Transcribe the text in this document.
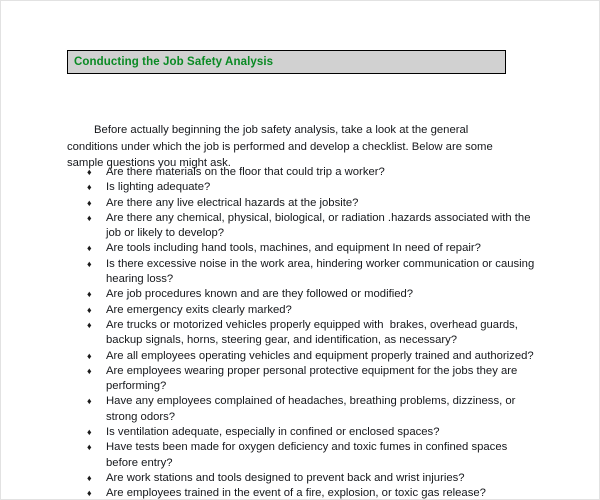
Conducting the Job Safety Analysis

Before actually beginning the job safety analysis, take a look at the general conditions under which the job is performed and develop a checklist. Below are some sample questions you might ask.

♦ Are there materials on the floor that could trip a worker?
♦ Is lighting adequate?
♦ Are there any live electrical hazards at the jobsite?
♦ Are there any chemical, physical, biological, or radiation .hazards associated with the job or likely to develop?
♦ Are tools including hand tools, machines, and equipment In need of repair?
♦ Is there excessive noise in the work area, hindering worker communication or causing hearing loss?
♦ Are job procedures known and are they followed or modified?
♦ Are emergency exits clearly marked?
♦ Are trucks or motorized vehicles properly equipped with  brakes, overhead guards, backup signals, horns, steering gear, and identification, as necessary?
♦ Are all employees operating vehicles and equipment properly trained and authorized?
♦ Are employees wearing proper personal protective equipment for the jobs they are performing?
♦ Have any employees complained of headaches, breathing problems, dizziness, or strong odors?
♦ Is ventilation adequate, especially in confined or enclosed spaces?
♦ Have tests been made for oxygen deficiency and toxic fumes in confined spaces before entry?
♦ Are work stations and tools designed to prevent back and wrist injuries?
♦ Are employees trained in the event of a fire, explosion, or toxic gas release?
